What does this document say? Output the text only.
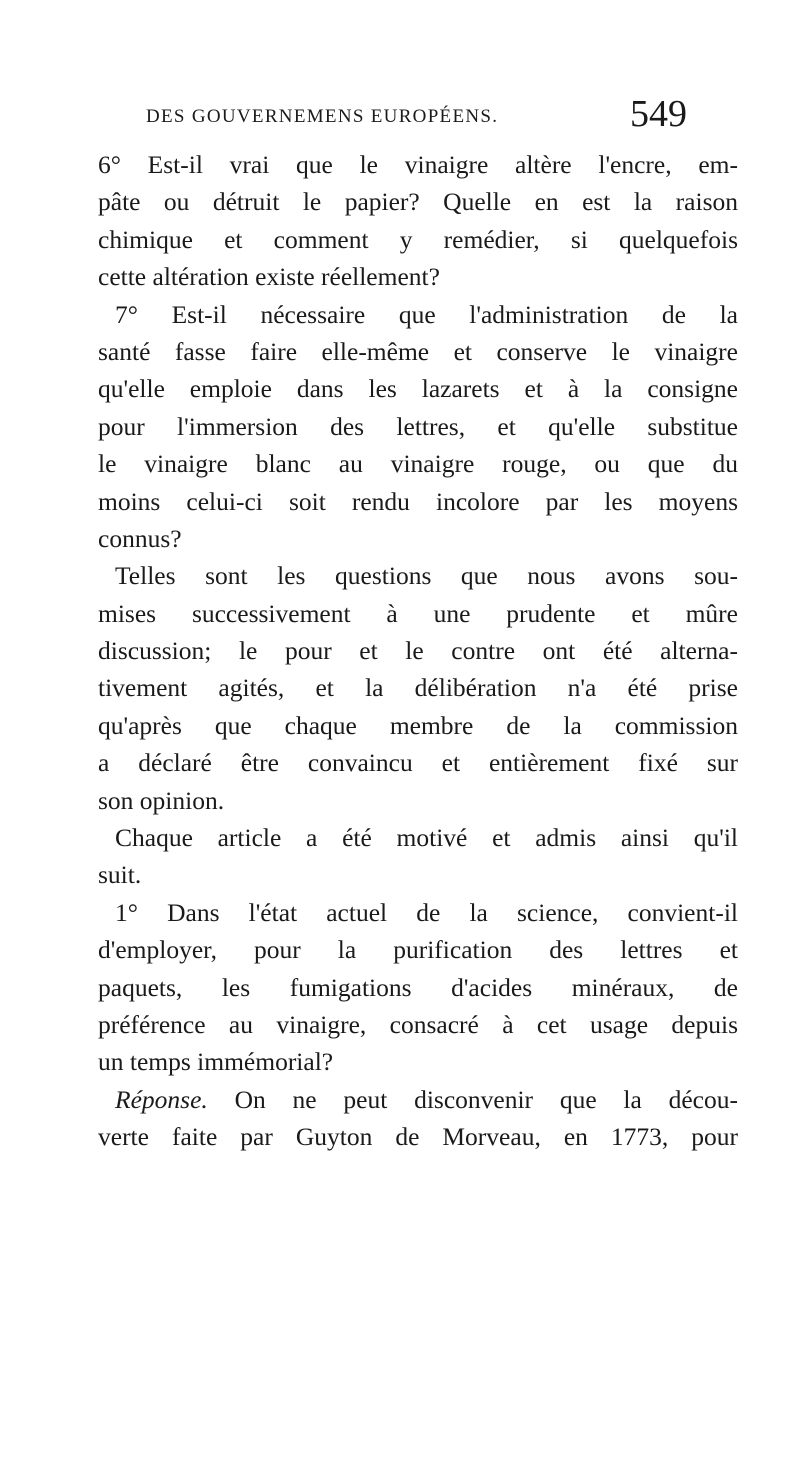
DES GOUVERNEMENS EUROPÉENS.	549
6° Est-il vrai que le vinaigre altère l'encre, em-
pâte ou détruit le papier? Quelle en est la raison
chimique et comment y remédier, si quelquefois
cette altération existe réellement?
7° Est-il nécessaire que l'administration de la
santé fasse faire elle-même et conserve le vinaigre
qu'elle emploie dans les lazarets et à la consigne
pour l'immersion des lettres, et qu'elle substitue
le vinaigre blanc au vinaigre rouge, ou que du
moins celui-ci soit rendu incolore par les moyens
connus?
Telles sont les questions que nous avons sou-
mises successivement à une prudente et mûre
discussion; le pour et le contre ont été alterna-
tivement agités, et la délibération n'a été prise
qu'après que chaque membre de la commission
a déclaré être convaincu et entièrement fixé sur
son opinion.
Chaque article a été motivé et admis ainsi qu'il
suit.
1° Dans l'état actuel de la science, convient-il
d'employer, pour la purification des lettres et
paquets, les fumigations d'acides minéraux, de
préférence au vinaigre, consacré à cet usage depuis
un temps immémorial?
Réponse. On ne peut disconvenir que la décou-
verte faite par Guyton de Morveau, en 1773, pour
